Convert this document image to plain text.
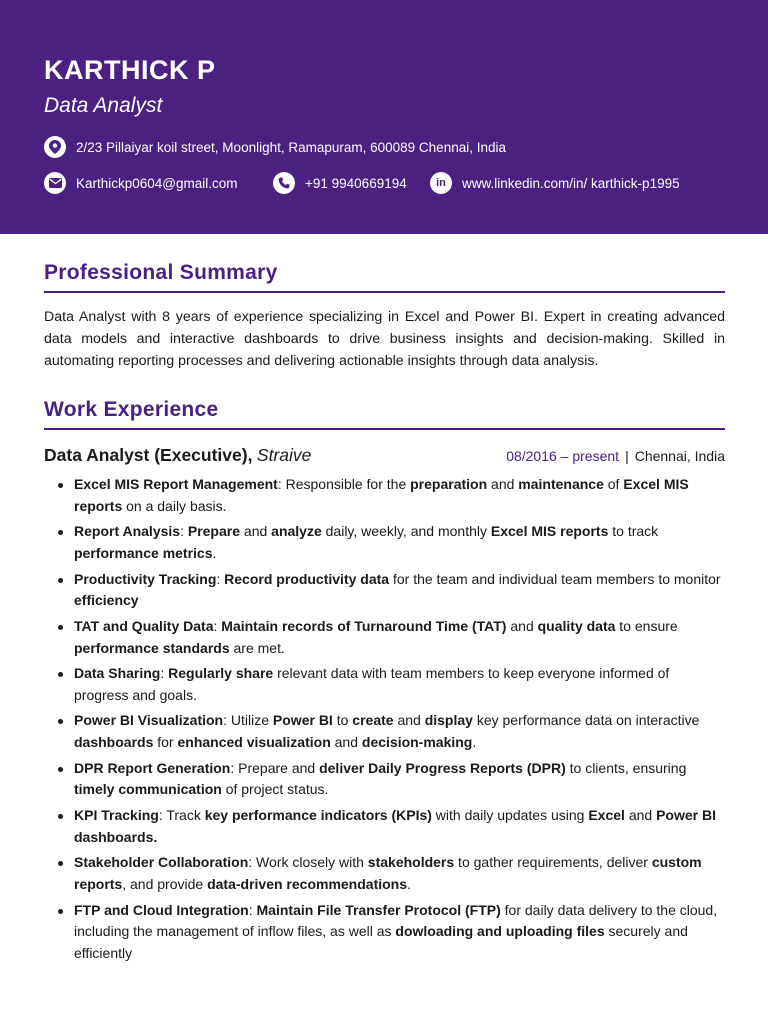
KARTHICK P
Data Analyst
2/23 Pillaiyar koil street, Moonlight, Ramapuram, 600089 Chennai, India
Karthickp0604@gmail.com	+91 9940669194	in www.linkedin.com/in/ karthick-p1995
Professional Summary
Data Analyst with 8 years of experience specializing in Excel and Power BI. Expert in creating advanced data models and interactive dashboards to drive business insights and decision-making. Skilled in automating reporting processes and delivering actionable insights through data analysis.
Work Experience
Data Analyst (Executive), Straive	08/2016 – present | Chennai, India
Excel MIS Report Management: Responsible for the preparation and maintenance of Excel MIS reports on a daily basis.
Report Analysis: Prepare and analyze daily, weekly, and monthly Excel MIS reports to track performance metrics.
Productivity Tracking: Record productivity data for the team and individual team members to monitor efficiency
TAT and Quality Data: Maintain records of Turnaround Time (TAT) and quality data to ensure performance standards are met.
Data Sharing: Regularly share relevant data with team members to keep everyone informed of progress and goals.
Power BI Visualization: Utilize Power BI to create and display key performance data on interactive dashboards for enhanced visualization and decision-making.
DPR Report Generation: Prepare and deliver Daily Progress Reports (DPR) to clients, ensuring timely communication of project status.
KPI Tracking: Track key performance indicators (KPIs) with daily updates using Excel and Power BI dashboards.
Stakeholder Collaboration: Work closely with stakeholders to gather requirements, deliver custom reports, and provide data-driven recommendations.
FTP and Cloud Integration: Maintain File Transfer Protocol (FTP) for daily data delivery to the cloud, including the management of inflow files, as well as dowloading and uploading files securely and efficiently
